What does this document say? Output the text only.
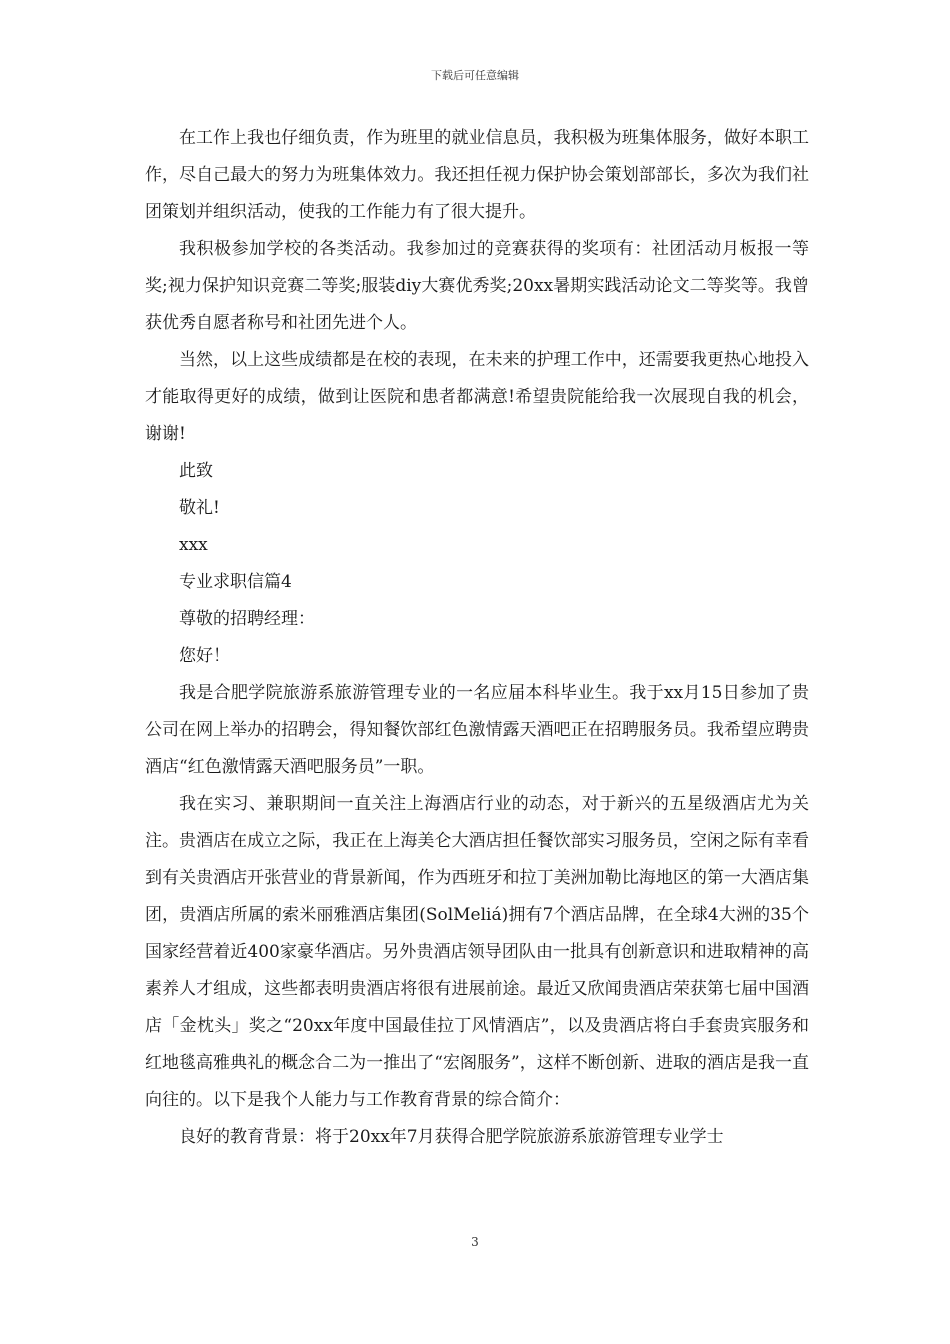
下载后可任意编辑

在工作上我也仔细负责，作为班里的就业信息员，我积极为班集体服务，做好本职工作，尽自己最大的努力为班集体效力。我还担任视力保护协会策划部部长，多次为我们社团策划并组织活动，使我的工作能力有了很大提升。

我积极参加学校的各类活动。我参加过的竞赛获得的奖项有：社团活动月板报一等奖;视力保护知识竞赛二等奖;服装diy大赛优秀奖;20xx暑期实践活动论文二等奖等。我曾获优秀自愿者称号和社团先进个人。

当然，以上这些成绩都是在校的表现，在未来的护理工作中，还需要我更热心地投入才能取得更好的成绩，做到让医院和患者都满意!希望贵院能给我一次展现自我的机会，谢谢!

此致

敬礼!

xxx

专业求职信篇4

尊敬的招聘经理：

您好！

我是合肥学院旅游系旅游管理专业的一名应届本科毕业生。我于xx月15日参加了贵公司在网上举办的招聘会，得知餐饮部红色激情露天酒吧正在招聘服务员。我希望应聘贵酒店“红色激情露天酒吧服务员”一职。

我在实习、兼职期间一直关注上海酒店行业的动态，对于新兴的五星级酒店尤为关注。贵酒店在成立之际，我正在上海美仑大酒店担任餐饮部实习服务员，空闲之际有幸看到有关贵酒店开张营业的背景新闻，作为西班牙和拉丁美洲加勒比海地区的第一大酒店集团，贵酒店所属的索米丽雅酒店集团(SolMeliá)拥有7个酒店品牌，在全球4大洲的35个国家经营着近400家豪华酒店。另外贵酒店领导团队由一批具有创新意识和进取精神的高素养人才组成，这些都表明贵酒店将很有进展前途。最近又欣闻贵酒店荣获第七届中国酒店「金枕头」奖之“20xx年度中国最佳拉丁风情酒店”，以及贵酒店将白手套贵宾服务和红地毯高雅典礼的概念合二为一推出了“宏阁服务”，这样不断创新、进取的酒店是我一直向往的。以下是我个人能力与工作教育背景的综合简介：

良好的教育背景：将于20xx年7月获得合肥学院旅游系旅游管理专业学士

3
